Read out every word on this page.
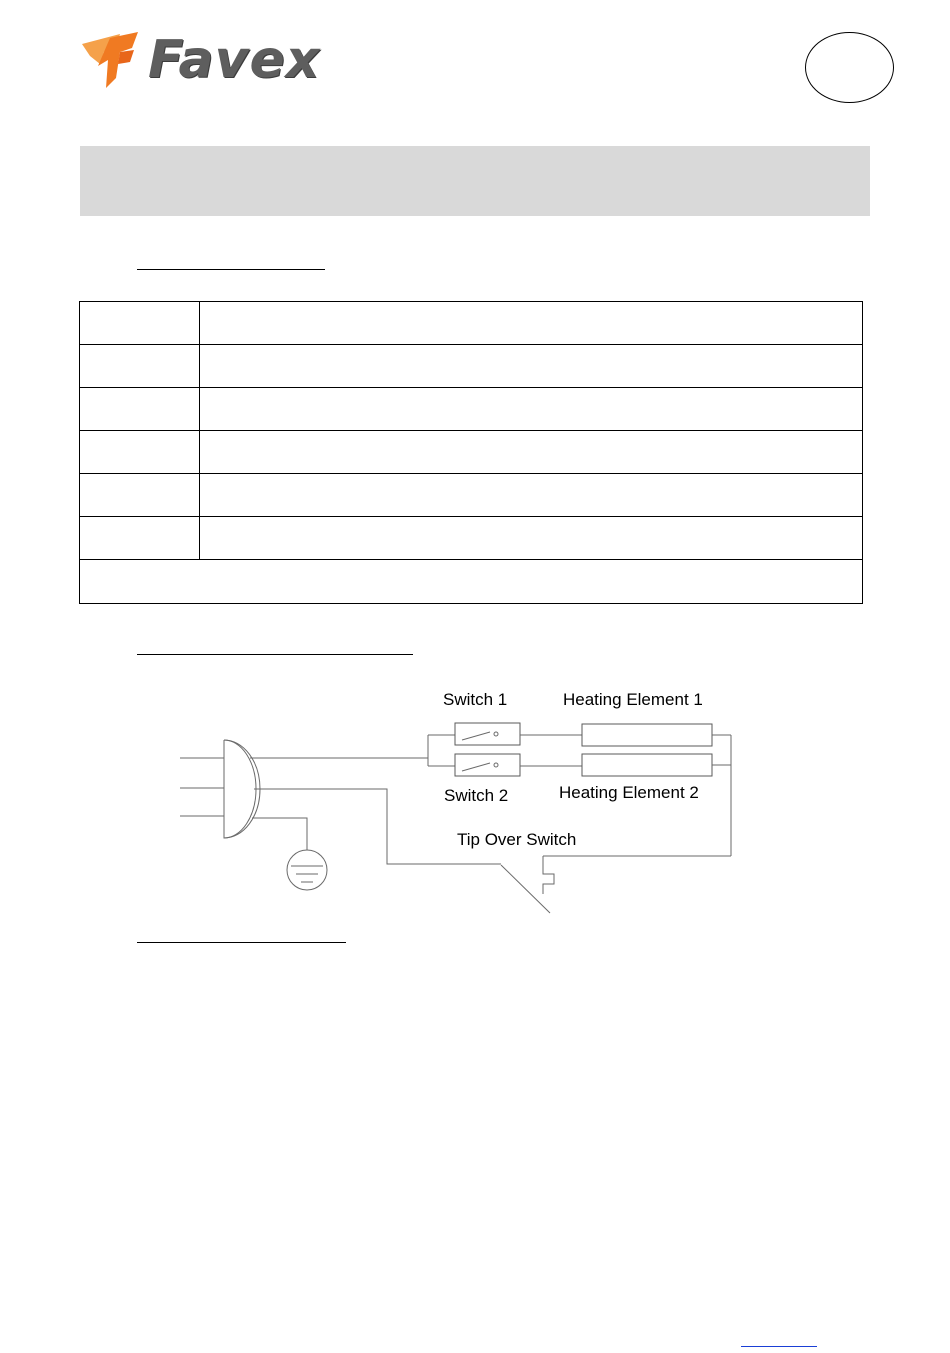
Favex
Switch 1	Heating Element 1
Switch 2	Heating Element 2
Tip Over Switch
